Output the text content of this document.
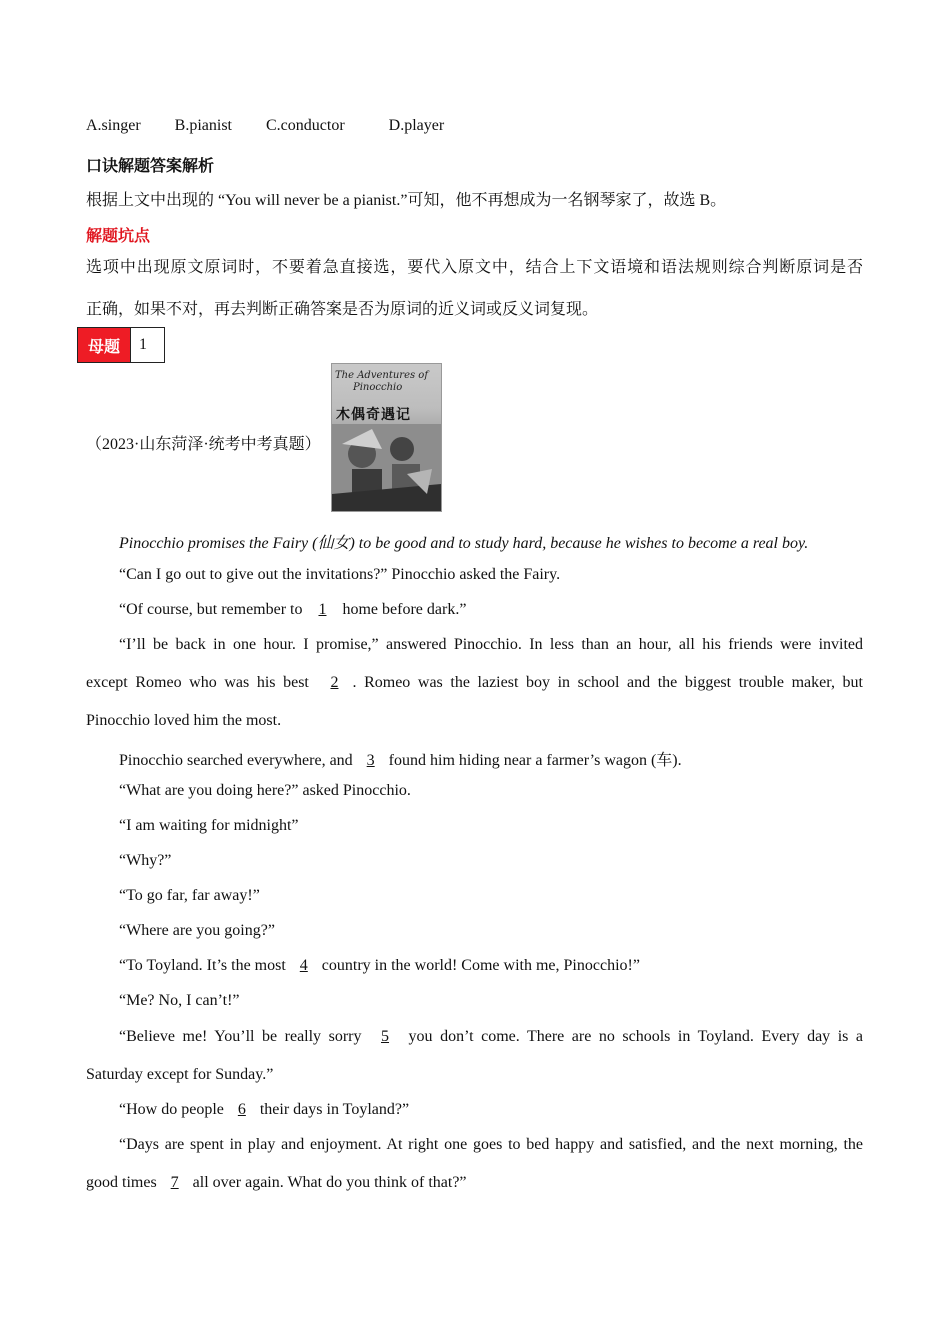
A.singer B.pianist C.conductor	D.player
口诀解题答案解析
根据上文中出现的 “You will never be a pianist.”可知，他不再想成为一名钢琴家了，故选 B。
解题坑点
选项中出现原文原词时，不要着急直接选，要代入原文中，结合上下文语境和语法规则综合判断原词是否
正确，如果不对，再去判断正确答案是否为原词的近义词或反义词复现。
母题	1
（2023·山东菏泽·统考中考真题）
The Adventures of
Pinocchio
木偶奇遇记
Pinocchio promises the Fairy (仙女) to be good and to study hard, because he wishes to become a real boy.
“Can I go out to give out the invitations?” Pinocchio asked the Fairy.
“Of course, but remember to 1 home before dark.”
“I’ll be back in one hour. I promise,” answered Pinocchio. In less than an hour, all his friends were invited
except Romeo who was his best 2 . Romeo was the laziest boy in school and the biggest trouble maker, but
Pinocchio loved him the most.
Pinocchio searched everywhere, and 3 found him hiding near a farmer’s wagon (车).
“What are you doing here?” asked Pinocchio.
“I am waiting for midnight”
“Why?”
“To go far, far away!”
“Where are you going?”
“To Toyland. It’s the most 4 country in the world! Come with me, Pinocchio!”
“Me? No, I can’t!”
“Believe me! You’ll be really sorry 5 you don’t come. There are no schools in Toyland. Every day is a
Saturday except for Sunday.”
“How do people 6 their days in Toyland?”
“Days are spent in play and enjoyment. At right one goes to bed happy and satisfied, and the next morning, the
good times 7 all over again. What do you think of that?”
